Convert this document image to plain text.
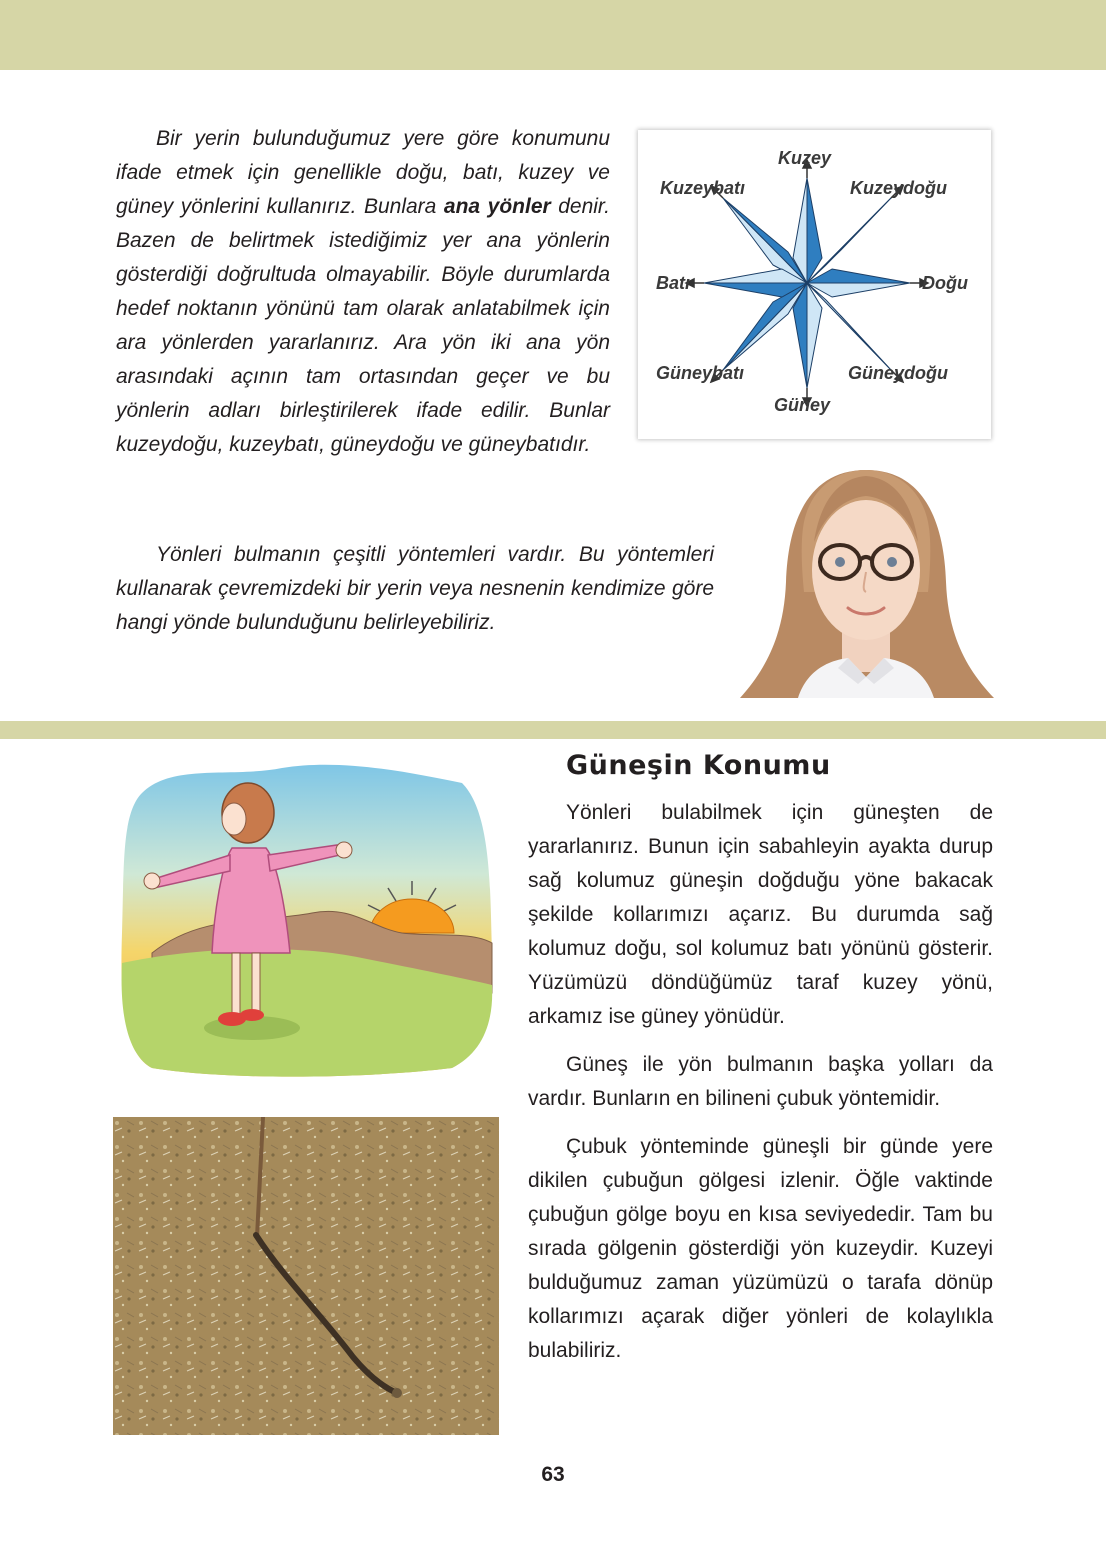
Bir yerin bulunduğumuz yere göre konumunu ifade etmek için genellikle doğu, batı, kuzey ve güney yönlerini kullanırız. Bunlara ana yönler denir. Bazen de belirtmek istediğimiz yer ana yönlerin gösterdiği doğrultuda olmayabilir. Böyle durumlarda hedef noktanın yönünü tam olarak anlatabilmek için ara yönlerden yararlanırız. Ara yön iki ana yön arasındaki açının tam ortasından geçer ve bu yönlerin adları birleştirilerek ifade edilir. Bunlar kuzeydoğu, kuzeybatı, güneydoğu ve güneybatıdır.

Kuzey
Kuzeybatı	Kuzeydoğu
Batı	Doğu
Güneybatı	Güneydoğu
Güney

Yönleri bulmanın çeşitli yöntemleri vardır. Bu yöntemleri kullanarak çevremizdeki bir yerin veya nesnenin kendimize göre hangi yönde bulunduğunu belirleyebiliriz.

Güneşin Konumu

Yönleri bulabilmek için güneşten de yararlanırız. Bunun için sabahleyin ayakta durup sağ kolumuz güneşin doğduğu yöne bakacak şekilde kollarımızı açarız. Bu durumda sağ kolumuz doğu, sol kolumuz batı yönünü gösterir. Yüzümüzü döndüğümüz taraf kuzey yönü, arkamız ise güney yönüdür.

Güneş ile yön bulmanın başka yolları da vardır. Bunların en bilineni çubuk yöntemidir.

Çubuk yönteminde güneşli bir günde yere dikilen çubuğun gölgesi izlenir. Öğle vaktinde çubuğun gölge boyu en kısa seviyededir. Tam bu sırada gölgenin gösterdiği yön kuzeydir. Kuzeyi bulduğumuz zaman yüzümüzü o tarafa dönüp kollarımızı açarak diğer yönleri de kolaylıkla bulabiliriz.

63
